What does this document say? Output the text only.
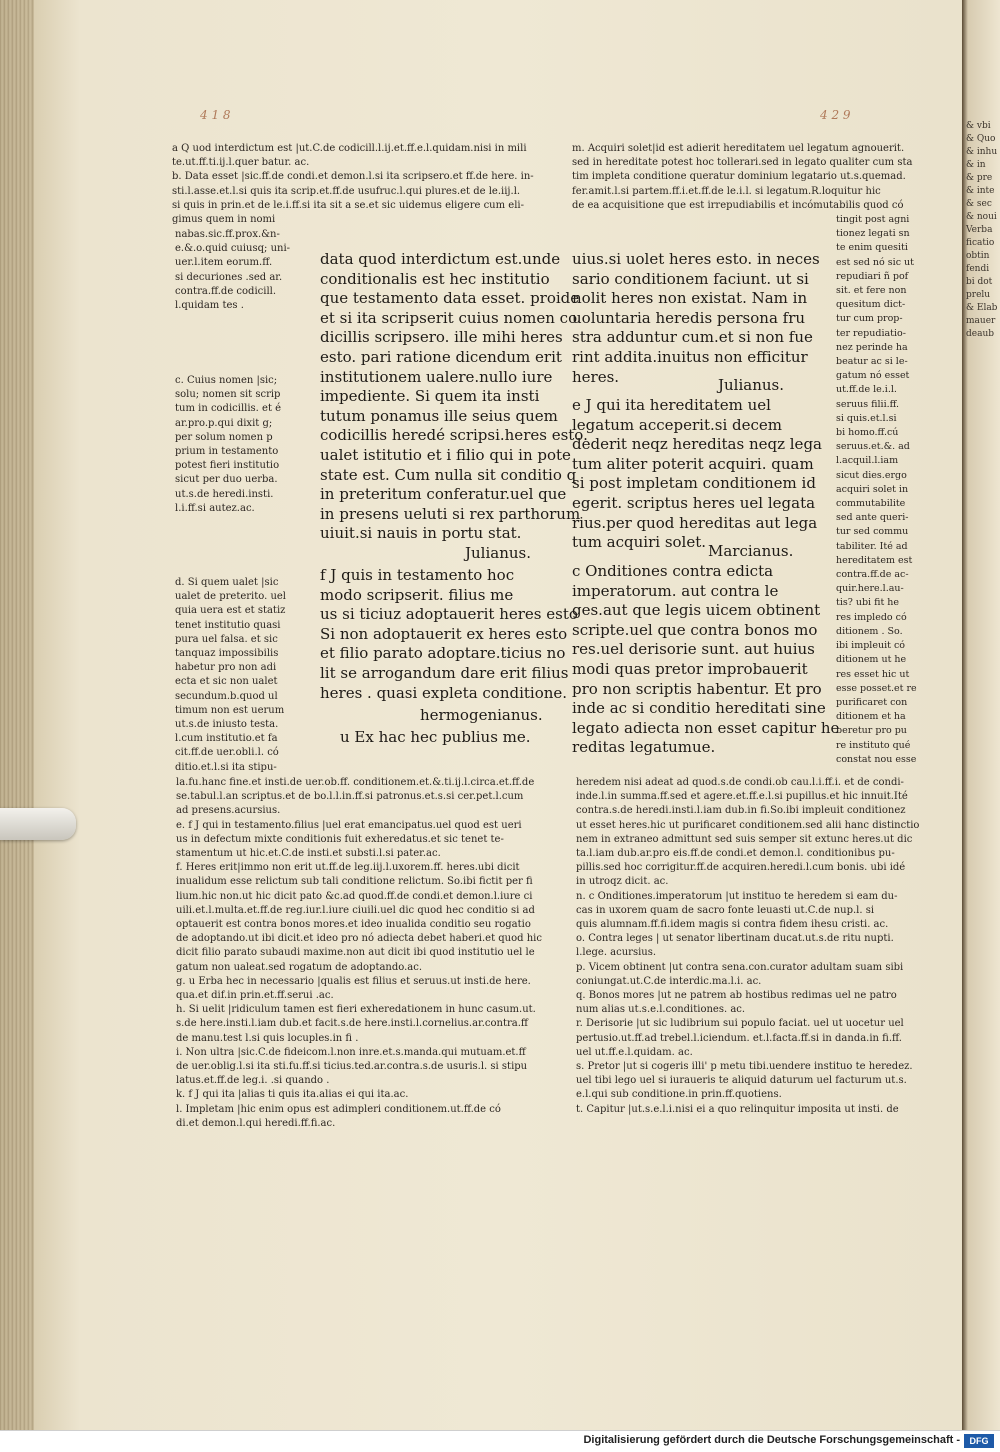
4 1 8	4 2 9

a Q uod interdictum est |ut.C.de codicill.l.ij.et.ff.e.l.quidam.nisi in mili

te.ut.ff.ti.ij.l.quer batur. ac.

b. Data esset |sic.ff.de condi.et demon.l.si ita scripsero.et ff.de here. in-

sti.l.asse.et.l.si quis ita scrip.et.ff.de usufruc.l.qui plures.et de le.iij.l.

si quis in prin.et de le.i.ff.si ita sit a se.et sic uidemus eligere cum eli-

gimus quem in nomi

nabas.sic.ff.prox.&n-

e.&.o.quid cuiusq; uni-

uer.l.item eorum.ff.

si decuriones .sed ar.

contra.ff.de codicill.

l.quidam tes .

c. Cuius nomen |sic;

solu; nomen sit scrip

tum in codicillis. et é

ar.pro.p.qui dixit g;

per solum nomen p

prium in testamento

potest fieri institutio

sicut per duo uerba.

ut.s.de heredi.insti.

l.i.ff.si autez.ac.

d. Si quem ualet |sic

ualet de preterito. uel

quia uera est et statiz

tenet institutio quasi

pura uel falsa. et sic

tanquaz impossibilis

habetur pro non adi

ecta et sic non ualet

secundum.b.quod ul

timum non est uerum

ut.s.de iniusto testa.

l.cum institutio.et fa

cit.ff.de uer.obli.l. có

ditio.et.l.si ita stipu-

m. Acquiri solet|id est adierit hereditatem uel legatum agnouerit.

sed in hereditate potest hoc tollerari.sed in legato qualiter cum sta

tim impleta conditione queratur dominium legatario ut.s.quemad.

fer.amit.l.si partem.ff.i.et.ff.de le.i.l. si legatum.R.loquitur hic

de ea acquisitione que est irrepudiabilis et incómutabilis quod có

tingit post agni

tionez legati sn

te enim quesiti

est sed nó sic ut

repudiari ñ pof

sit. et fere non

quesitum dict-

tur cum prop-

ter repudiatio-

nez perinde ha

beatur ac si le-

gatum nó esset

ut.ff.de le.i.l.

seruus filii.ff.

si quis.et.l.si

bi homo.ff.cú

seruus.et.&. ad

l.acquil.l.iam

sicut dies.ergo

acquiri solet in

commutabilite

sed ante queri-

tur sed commu

tabiliter. Ité ad

hereditatem est

contra.ff.de ac-

quir.here.l.au-

tis? ubi fit he

res impledo có

ditionem . So.

ibi impleuit có

ditionem ut he

res esset hic ut

esse posset.et re

purificaret con

ditionem et ha

beretur pro pu

re instituto qué

constat nou esse

data quod interdictum est.unde

conditionalis est hec institutio

que testamento data esset. proide

et si ita scripserit cuius nomen co

dicillis scripsero. ille mihi heres

esto. pari ratione dicendum erit

institutionem ualere.nullo iure

impediente. Si quem ita insti

tutum ponamus ille seius quem

codicillis heredé scripsi.heres esto.

ualet istitutio et i filio qui in pote

state est. Cum nulla sit conditio q

in preteritum conferatur.uel que

in presens ueluti si rex parthorum

uiuit.si nauis in portu stat.

Julianus.

f J quis in testamento hoc

modo scripserit. filius me

us si ticiuz adoptauerit heres esto

Si non adoptauerit ex heres esto

et filio parato adoptare.ticius no

lit se arrogandum dare erit filius

heres . quasi expleta conditione.

hermogenianus.
u Ex hac hec publius me.

uius.si uolet heres esto. in neces

sario conditionem faciunt. ut si

nolit heres non existat. Nam in

uoluntaria heredis persona fru

stra adduntur cum.et si non fue

rint addita.inuitus non efficitur

heres.	Julianus.

e J qui ita hereditatem uel

legatum acceperit.si decem

dederit neqz hereditas neqz lega

tum aliter poterit acquiri. quam

si post impletam conditionem id

egerit. scriptus heres uel legata

rius.per quod hereditas aut lega

tum acquiri solet. Marcianus.

c Onditiones contra edicta

imperatorum. aut contra le

ges.aut que legis uicem obtinent

scripte.uel que contra bonos mo

res.uel derisorie sunt. aut huius

modi quas pretor improbauerit

pro non scriptis habentur. Et pro

inde ac si conditio hereditati sine

legato adiecta non esset capitur he

reditas legatumue.

la.fu.hanc fine.et insti.de uer.ob.ff. conditionem.et.&.ti.ij.l.circa.et.ff.de

se.tabul.l.an scriptus.et de bo.l.l.in.ff.si patronus.et.s.si cer.pet.l.cum

ad presens.acursius.

e. f J qui in testamento.filius |uel erat emancipatus.uel quod est ueri

us in defectum mixte conditionis fuit exheredatus.et sic tenet te-

stamentum ut hic.et.C.de insti.et substi.l.si pater.ac.

f. Heres erit|immo non erit ut.ff.de leg.iij.l.uxorem.ff. heres.ubi dicit

inualidum esse relictum sub tali conditione relictum. So.ibi fictit per fi

lium.hic non.ut hic dicit pato &c.ad quod.ff.de condi.et demon.l.iure ci

uili.et.l.multa.et.ff.de reg.iur.l.iure ciuili.uel dic quod hec conditio si ad

optauerit est contra bonos mores.et ideo inualida conditio seu rogatio

de adoptando.ut ibi dicit.et ideo pro nó adiecta debet haberi.et quod hic

dicit filio parato subaudi maxime.non aut dicit ibi quod institutio uel le

gatum non ualeat.sed rogatum de adoptando.ac.

g. u Erba hec in necessario |qualis est filius et seruus.ut insti.de here.

qua.et dif.in prin.et.ff.serui .ac.

h. Si uelit |ridiculum tamen est fieri exheredationem in hunc casum.ut.

s.de here.insti.l.iam dub.et facit.s.de here.insti.l.cornelius.ar.contra.ff

de manu.test l.si quis locuples.in fi .

i. Non ultra |sic.C.de fideicom.l.non inre.et.s.manda.qui mutuam.et.ff

de uer.oblig.l.si ita sti.fu.ff.si ticius.ted.ar.contra.s.de usuris.l. si stipu

latus.et.ff.de leg.i. .si quando .

k. f J qui ita |alias ti quis ita.alias ei qui ita.ac.

l. Impletam |hic enim opus est adimpleri conditionem.ut.ff.de có

di.et demon.l.qui heredi.ff.fi.ac.

heredem nisi adeat ad quod.s.de condi.ob cau.l.i.ff.i. et de condi-

inde.l.in summa.ff.sed et agere.et.ff.e.l.si pupillus.et hic innuit.Ité

contra.s.de heredi.insti.l.iam dub.in fi.So.ibi impleuit conditionez

ut esset heres.hic ut purificaret conditionem.sed alii hanc distinctio

nem in extraneo admittunt sed suis semper sit extunc heres.ut dic

ta.l.iam dub.ar.pro eis.ff.de condi.et demon.l. conditionibus pu-

pillis.sed hoc corrigitur.ff.de acquiren.heredi.l.cum bonis. ubi idé

in utroqz dicit. ac.

n. c Onditiones.imperatorum |ut instituo te heredem si eam du-

cas in uxorem quam de sacro fonte leuasti ut.C.de nup.l. si

quis alumnam.ff.fi.idem magis si contra fidem ihesu cristi. ac.

o. Contra leges | ut senator libertinam ducat.ut.s.de ritu nupti.

l.lege. acursius.

p. Vicem obtinent |ut contra sena.con.curator adultam suam sibi

coniungat.ut.C.de interdic.ma.l.i. ac.

q. Bonos mores |ut ne patrem ab hostibus redimas uel ne patro

num alias ut.s.e.l.conditiones. ac.

r. Derisorie |ut sic ludibrium sui populo faciat. uel ut uocetur uel

pertusio.ut.ff.ad trebel.l.iciendum. et.l.facta.ff.si in danda.in fi.ff.

uel ut.ff.e.l.quidam. ac.

s. Pretor |ut si cogeris illi' p metu tibi.uendere instituo te heredez.

uel tibi lego uel si iuraueris te aliquid daturum uel facturum ut.s.

e.l.qui sub conditione.in prin.ff.quotiens.

t. Capitur |ut.s.e.l.i.nisi ei a quo relinquitur imposita ut insti. de

& vbi

& Quo

& inhu

& in

& pre

& inte

& sec

& noui

Verba

ficatio

obtin

fendi

bi dot

prelu

& Elab

mauer

deaub

Digitalisierung gefördert durch die Deutsche Forschungsgemeinschaft -	DFG
